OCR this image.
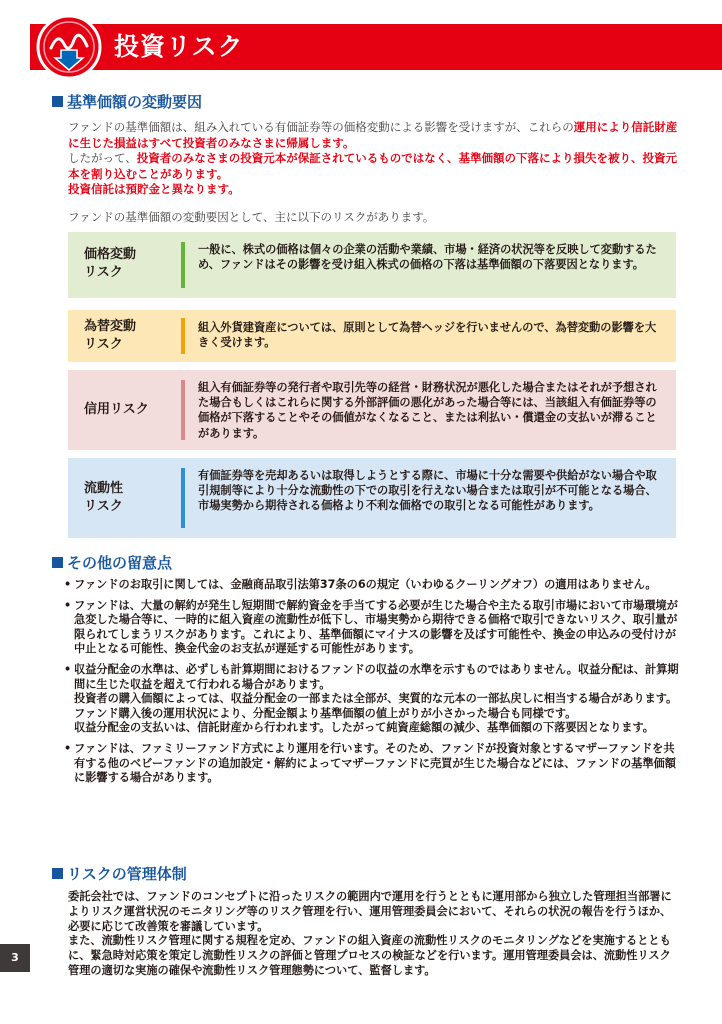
投資リスク
基準価額の変動要因

ファンドの基準価額は、組み入れている有価証券等の価格変動による影響を受けますが、これらの運用により信託財産に生じた損益はすべて投資者のみなさまに帰属します。

したがって、投資者のみなさまの投資元本が保証されているものではなく、基準価額の下落により損失を被り、投資元本を割り込むことがあります。

投資信託は預貯金と異なります。

ファンドの基準価額の変動要因として、主に以下のリスクがあります。
価格変動
リスク

一般に、株式の価格は個々の企業の活動や業績、市場・経済の状況等を反映して変動するため、ファンドはその影響を受け組入株式の価格の下落は基準価額の下落要因となります。

為替変動
リスク

組入外貨建資産については、原則として為替ヘッジを行いませんので、為替変動の影響を大きく受けます。

信用リスク

組入有価証券等の発行者や取引先等の経営・財務状況が悪化した場合またはそれが予想された場合もしくはこれらに関する外部評価の悪化があった場合等には、当該組入有価証券等の価格が下落することやその価値がなくなること、または利払い・償還金の支払いが滞ることがあります。

流動性
リスク

有価証券等を売却あるいは取得しようとする際に、市場に十分な需要や供給がない場合や取引規制等により十分な流動性の下での取引を行えない場合または取引が不可能となる場合、市場実勢から期待される価格より不利な価格での取引となる可能性があります。

その他の留意点
• ファンドのお取引に関しては、金融商品取引法第37条の6の規定（いわゆるクーリングオフ）の適用はありません。
• ファンドは、大量の解約が発生し短期間で解約資金を手当てする必要が生じた場合や主たる取引市場において市場環境が急変した場合等に、一時的に組入資産の流動性が低下し、市場実勢から期待できる価格で取引できないリスク、取引量が限られてしまうリスクがあります。これにより、基準価額にマイナスの影響を及ぼす可能性や、換金の申込みの受付けが中止となる可能性、換金代金のお支払が遅延する可能性があります。
• 収益分配金の水準は、必ずしも計算期間におけるファンドの収益の水準を示すものではありません。収益分配は、計算期間に生じた収益を超えて行われる場合があります。
投資者の購入価額によっては、収益分配金の一部または全部が、実質的な元本の一部払戻しに相当する場合があります。ファンド購入後の運用状況により、分配金額より基準価額の値上がりが小さかった場合も同様です。
収益分配金の支払いは、信託財産から行われます。したがって純資産総額の減少、基準価額の下落要因となります。
• ファンドは、ファミリーファンド方式により運用を行います。そのため、ファンドが投資対象とするマザーファンドを共有する他のベビーファンドの追加設定・解約によってマザーファンドに売買が生じた場合などには、ファンドの基準価額に影響する場合があります。
リスクの管理体制

委託会社では、ファンドのコンセプトに沿ったリスクの範囲内で運用を行うとともに運用部から独立した管理担当部署によりリスク運営状況のモニタリング等のリスク管理を行い、運用管理委員会において、それらの状況の報告を行うほか、必要に応じて改善策を審議しています。

また、流動性リスク管理に関する規程を定め、ファンドの組入資産の流動性リスクのモニタリングなどを実施するとともに、緊急時対応策を策定し流動性リスクの評価と管理プロセスの検証などを行います。運用管理委員会は、流動性リスク管理の適切な実施の確保や流動性リスク管理態勢について、監督します。

3
